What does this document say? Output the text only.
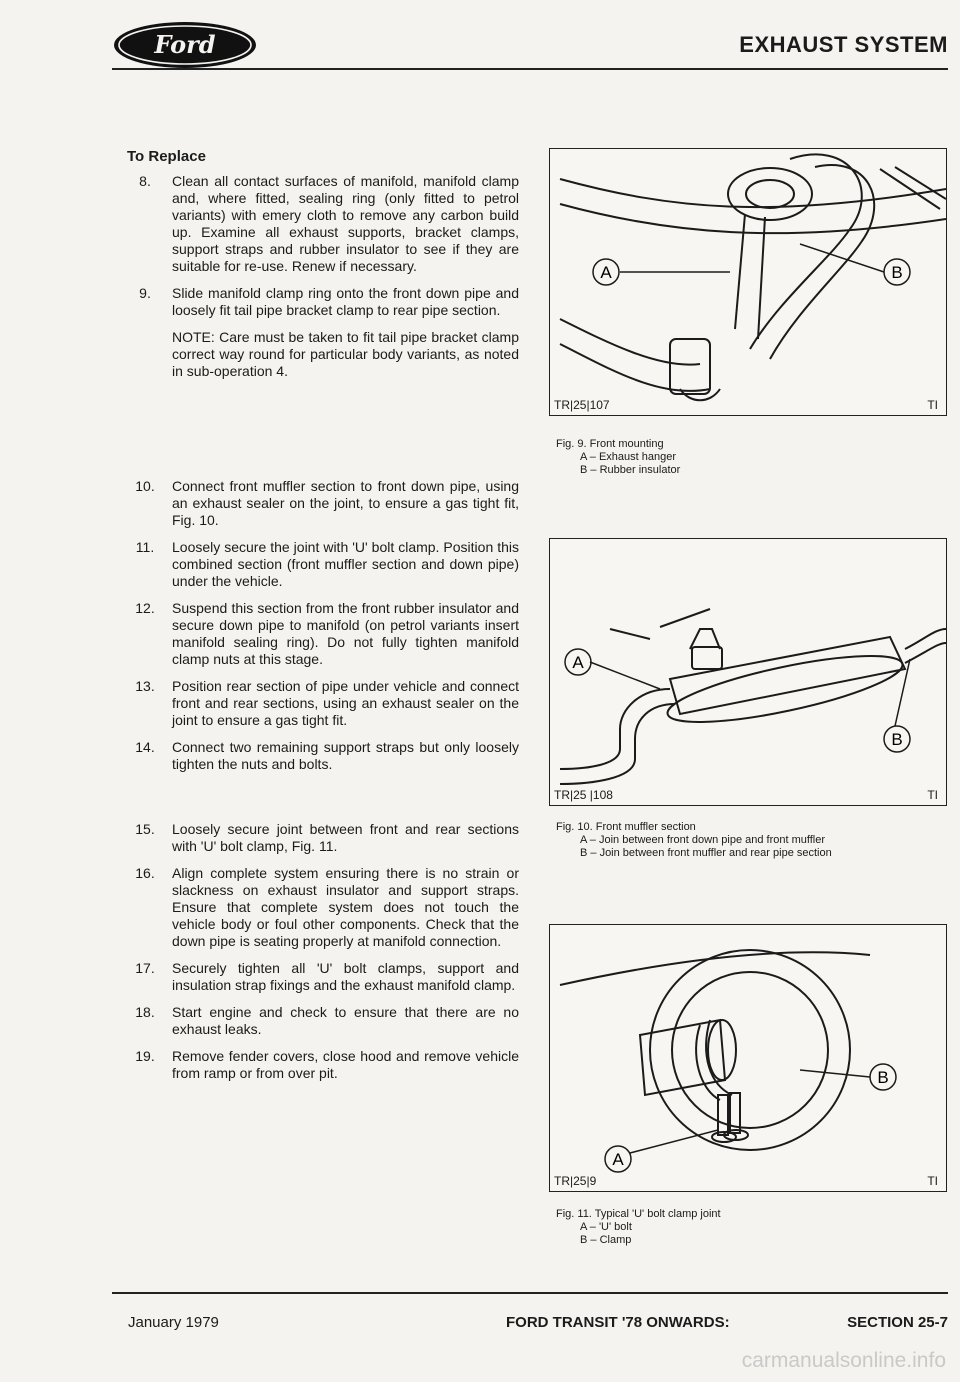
Ford	EXHAUST SYSTEM
To Replace
8.	Clean all contact surfaces of manifold, manifold clamp and, where fitted, sealing ring (only fitted to petrol variants) with emery cloth to remove any carbon build up. Examine all exhaust supports, bracket clamps, support straps and rubber insulator to see if they are suitable for re-use. Renew if necessary.
9.	Slide manifold clamp ring onto the front down pipe and loosely fit tail pipe bracket clamp to rear pipe section.
NOTE: Care must be taken to fit tail pipe bracket clamp correct way round for particular body variants, as noted in sub-operation 4.
10.	Connect front muffler section to front down pipe, using an exhaust sealer on the joint, to ensure a gas tight fit, Fig. 10.
11.	Loosely secure the joint with 'U' bolt clamp. Position this combined section (front muffler section and down pipe) under the vehicle.
12.	Suspend this section from the front rubber insulator and secure down pipe to manifold (on petrol variants insert manifold sealing ring). Do not fully tighten manifold clamp nuts at this stage.
13.	Position rear section of pipe under vehicle and connect front and rear sections, using an exhaust sealer on the joint to ensure a gas tight fit.
14.	Connect two remaining support straps but only loosely tighten the nuts and bolts.
15.	Loosely secure joint between front and rear sections with 'U' bolt clamp, Fig. 11.
16.	Align complete system ensuring there is no strain or slackness on exhaust insulator and support straps. Ensure that complete system does not touch the vehicle body or foul other components. Check that the down pipe is seating properly at manifold connection.
17.	Securely tighten all 'U' bolt clamps, support and insulation strap fixings and the exhaust manifold clamp.
18.	Start engine and check to ensure that there are no exhaust leaks.
19.	Remove fender covers, close hood and remove vehicle from ramp or from over pit.
A	B
TR|25|107	TI
Fig. 9. Front mounting
A – Exhaust hanger
B – Rubber insulator
A
B
TR|25 |108	TI
Fig. 10. Front muffler section
A – Join between front down pipe and front muffler
B – Join between front muffler and rear pipe section
A
B
TR|25|9	TI
Fig. 11. Typical 'U' bolt clamp joint
A – 'U' bolt
B – Clamp
January 1979	FORD TRANSIT '78 ONWARDS:	SECTION 25-7
carmanualsonline.info
